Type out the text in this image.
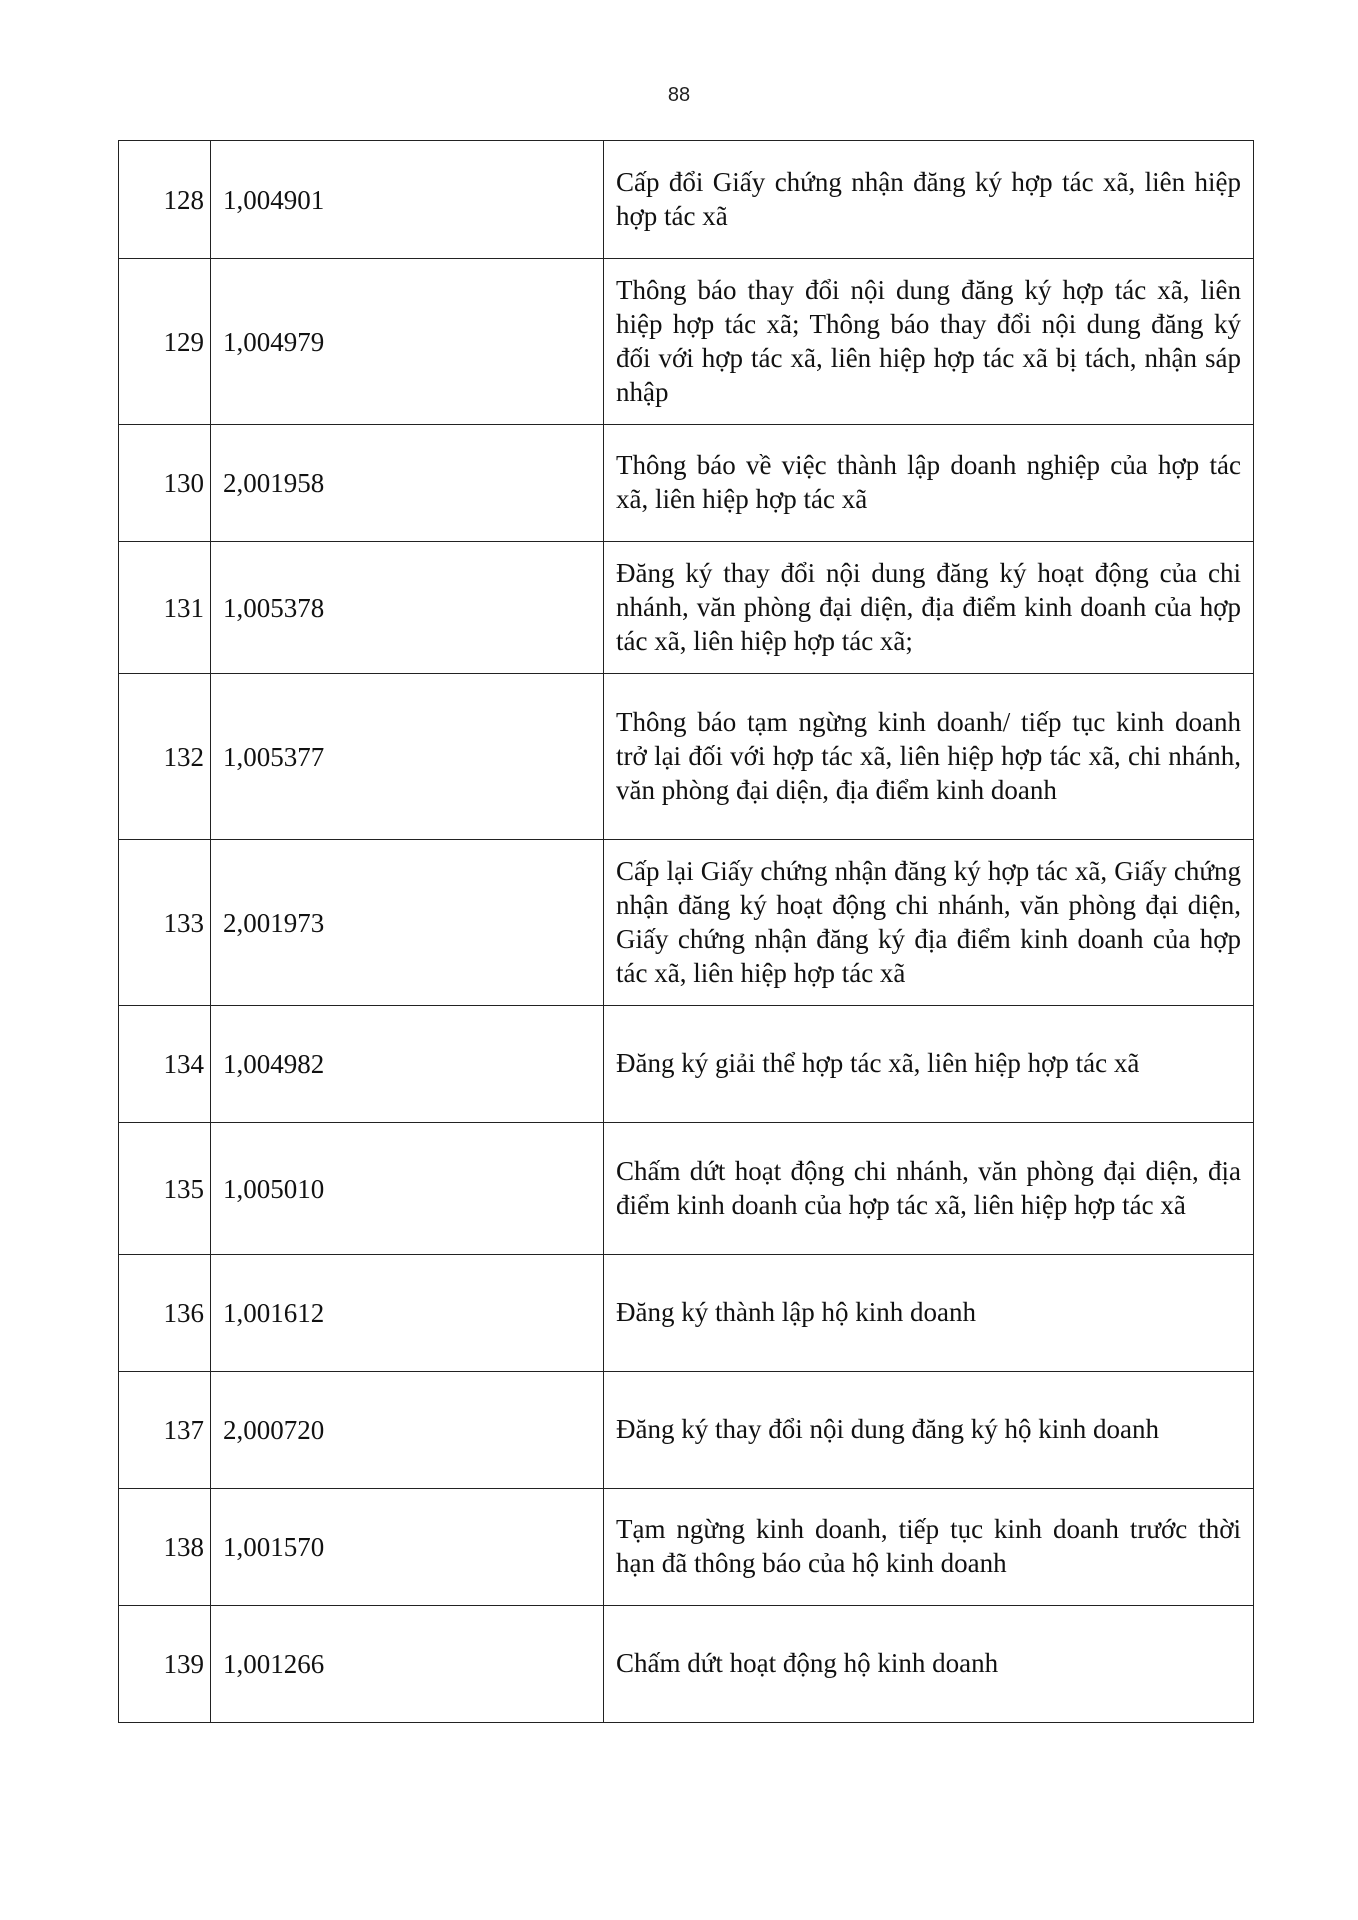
88
128	1,004901	Cấp đổi Giấy chứng nhận đăng ký hợp tác xã, liên hiệp hợp tác xã
129	1,004979	Thông báo thay đổi nội dung đăng ký hợp tác xã, liên hiệp hợp tác xã; Thông báo thay đổi nội dung đăng ký đối với hợp tác xã, liên hiệp hợp tác xã bị tách, nhận sáp nhập
130	2,001958	Thông báo về việc thành lập doanh nghiệp của hợp tác xã, liên hiệp hợp tác xã
131	1,005378	Đăng ký thay đổi nội dung đăng ký hoạt động của chi nhánh, văn phòng đại diện, địa điểm kinh doanh của hợp tác xã, liên hiệp hợp tác xã;
132	1,005377	Thông báo tạm ngừng kinh doanh/ tiếp tục kinh doanh trở lại đối với hợp tác xã, liên hiệp hợp tác xã, chi nhánh, văn phòng đại diện, địa điểm kinh doanh
133	2,001973	Cấp lại Giấy chứng nhận đăng ký hợp tác xã, Giấy chứng nhận đăng ký hoạt động chi nhánh, văn phòng đại diện, Giấy chứng nhận đăng ký địa điểm kinh doanh của hợp tác xã, liên hiệp hợp tác xã
134	1,004982	Đăng ký giải thể hợp tác xã, liên hiệp hợp tác xã
135	1,005010	Chấm dứt hoạt động chi nhánh, văn phòng đại diện, địa điểm kinh doanh của hợp tác xã, liên hiệp hợp tác xã
136	1,001612	Đăng ký thành lập hộ kinh doanh
137	2,000720	Đăng ký thay đổi nội dung đăng ký hộ kinh doanh
138	1,001570	Tạm ngừng kinh doanh, tiếp tục kinh doanh trước thời hạn đã thông báo của hộ kinh doanh
139	1,001266	Chấm dứt hoạt động hộ kinh doanh
